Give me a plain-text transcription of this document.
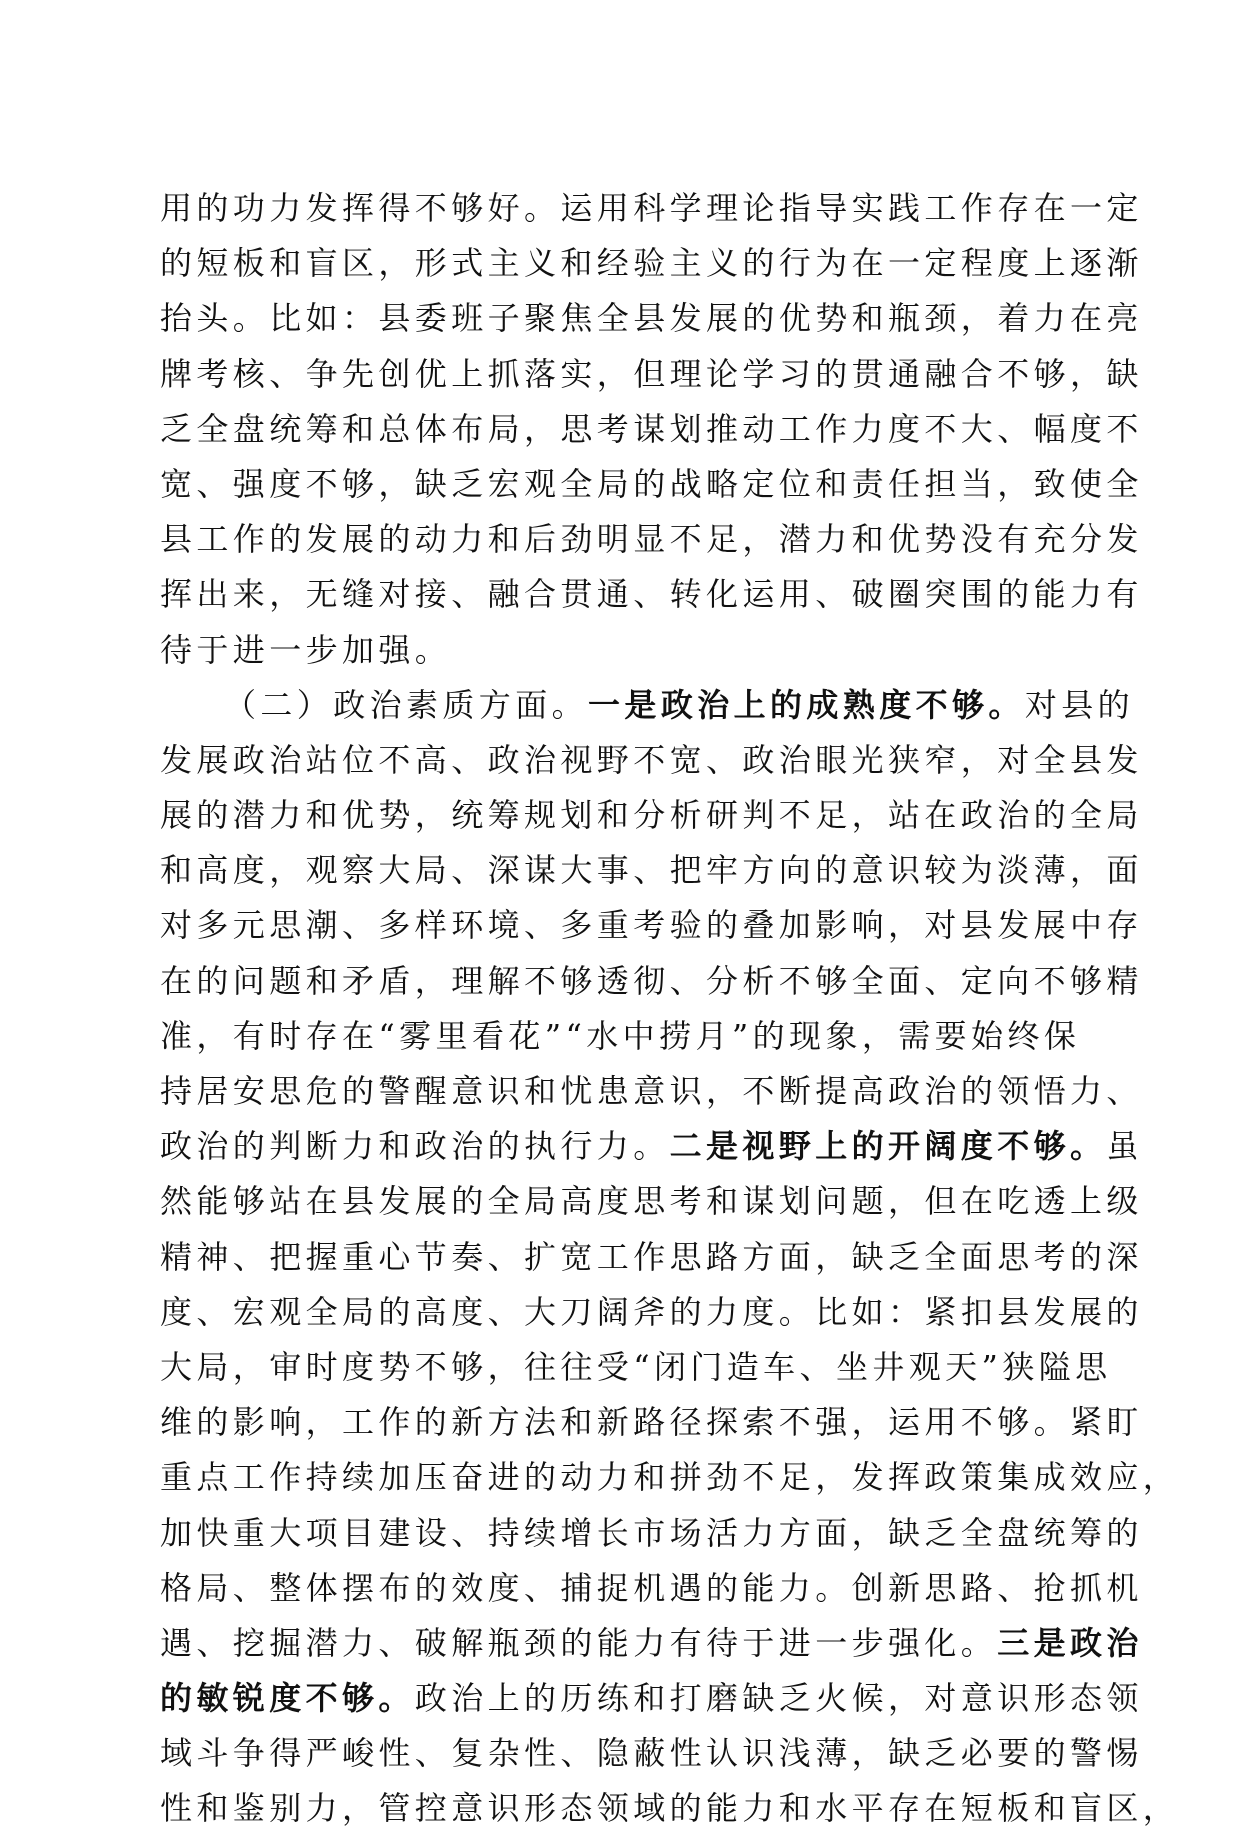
用的功力发挥得不够好。运用科学理论指导实践工作存在一定
的短板和盲区，形式主义和经验主义的行为在一定程度上逐渐
抬头。比如：县委班子聚焦全县发展的优势和瓶颈，着力在亮
牌考核、争先创优上抓落实，但理论学习的贯通融合不够，缺
乏全盘统筹和总体布局，思考谋划推动工作力度不大、幅度不
宽、强度不够，缺乏宏观全局的战略定位和责任担当，致使全
县工作的发展的动力和后劲明显不足，潜力和优势没有充分发
挥出来，无缝对接、融合贯通、转化运用、破圈突围的能力有
待于进一步加强。
（二）政治素质方面。一是政治上的成熟度不够。对县的
发展政治站位不高、政治视野不宽、政治眼光狭窄，对全县发
展的潜力和优势，统筹规划和分析研判不足，站在政治的全局
和高度，观察大局、深谋大事、把牢方向的意识较为淡薄，面
对多元思潮、多样环境、多重考验的叠加影响，对县发展中存
在的问题和矛盾，理解不够透彻、分析不够全面、定向不够精
准，有时存在“雾里看花”“水中捞月”的现象，需要始终保
持居安思危的警醒意识和忧患意识，不断提高政治的领悟力、
政治的判断力和政治的执行力。二是视野上的开阔度不够。虽
然能够站在县发展的全局高度思考和谋划问题，但在吃透上级
精神、把握重心节奏、扩宽工作思路方面，缺乏全面思考的深
度、宏观全局的高度、大刀阔斧的力度。比如：紧扣县发展的
大局，审时度势不够，往往受“闭门造车、坐井观天”狭隘思
维的影响，工作的新方法和新路径探索不强，运用不够。紧盯
重点工作持续加压奋进的动力和拼劲不足，发挥政策集成效应，
加快重大项目建设、持续增长市场活力方面，缺乏全盘统筹的
格局、整体摆布的效度、捕捉机遇的能力。创新思路、抢抓机
遇、挖掘潜力、破解瓶颈的能力有待于进一步强化。三是政治
的敏锐度不够。政治上的历练和打磨缺乏火候，对意识形态领
域斗争得严峻性、复杂性、隐蔽性认识浅薄，缺乏必要的警惕
性和鉴别力，管控意识形态领域的能力和水平存在短板和盲区，
